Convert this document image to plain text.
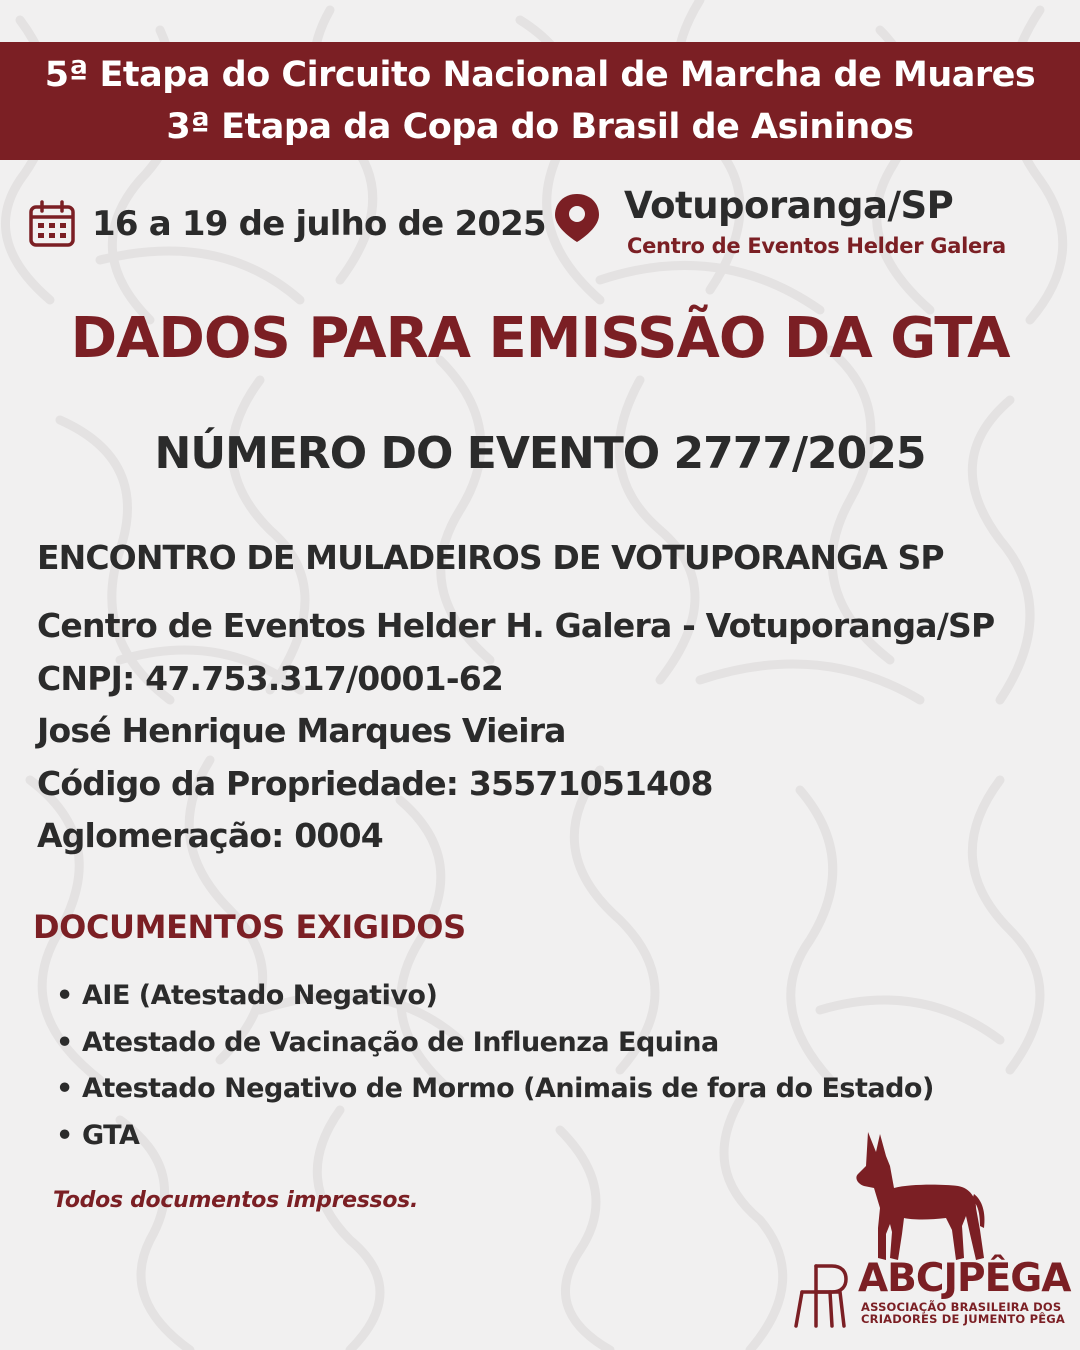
5ª Etapa do Circuito Nacional de Marcha de Muares
3ª Etapa da Copa do Brasil de Asininos
16 a 19 de julho de 2025 Votuporanga/SP
Centro de Eventos Helder Galera
DADOS PARA EMISSÃO DA GTA
NÚMERO DO EVENTO 2777/2025
ENCONTRO DE MULADEIROS DE VOTUPORANGA SP
Centro de Eventos Helder H. Galera - Votuporanga/SP
CNPJ: 47.753.317/0001-62
José Henrique Marques Vieira
Código da Propriedade: 35571051408
Aglomeração: 0004
DOCUMENTOS EXIGIDOS
• AIE (Atestado Negativo)
• Atestado de Vacinação de Influenza Equina
• Atestado Negativo de Mormo (Animais de fora do Estado)
• GTA
Todos documentos impressos.
ABCJPÊGA
ASSOCIAÇÃO BRASILEIRA DOS
CRIADORES DE JUMENTO PÊGA
